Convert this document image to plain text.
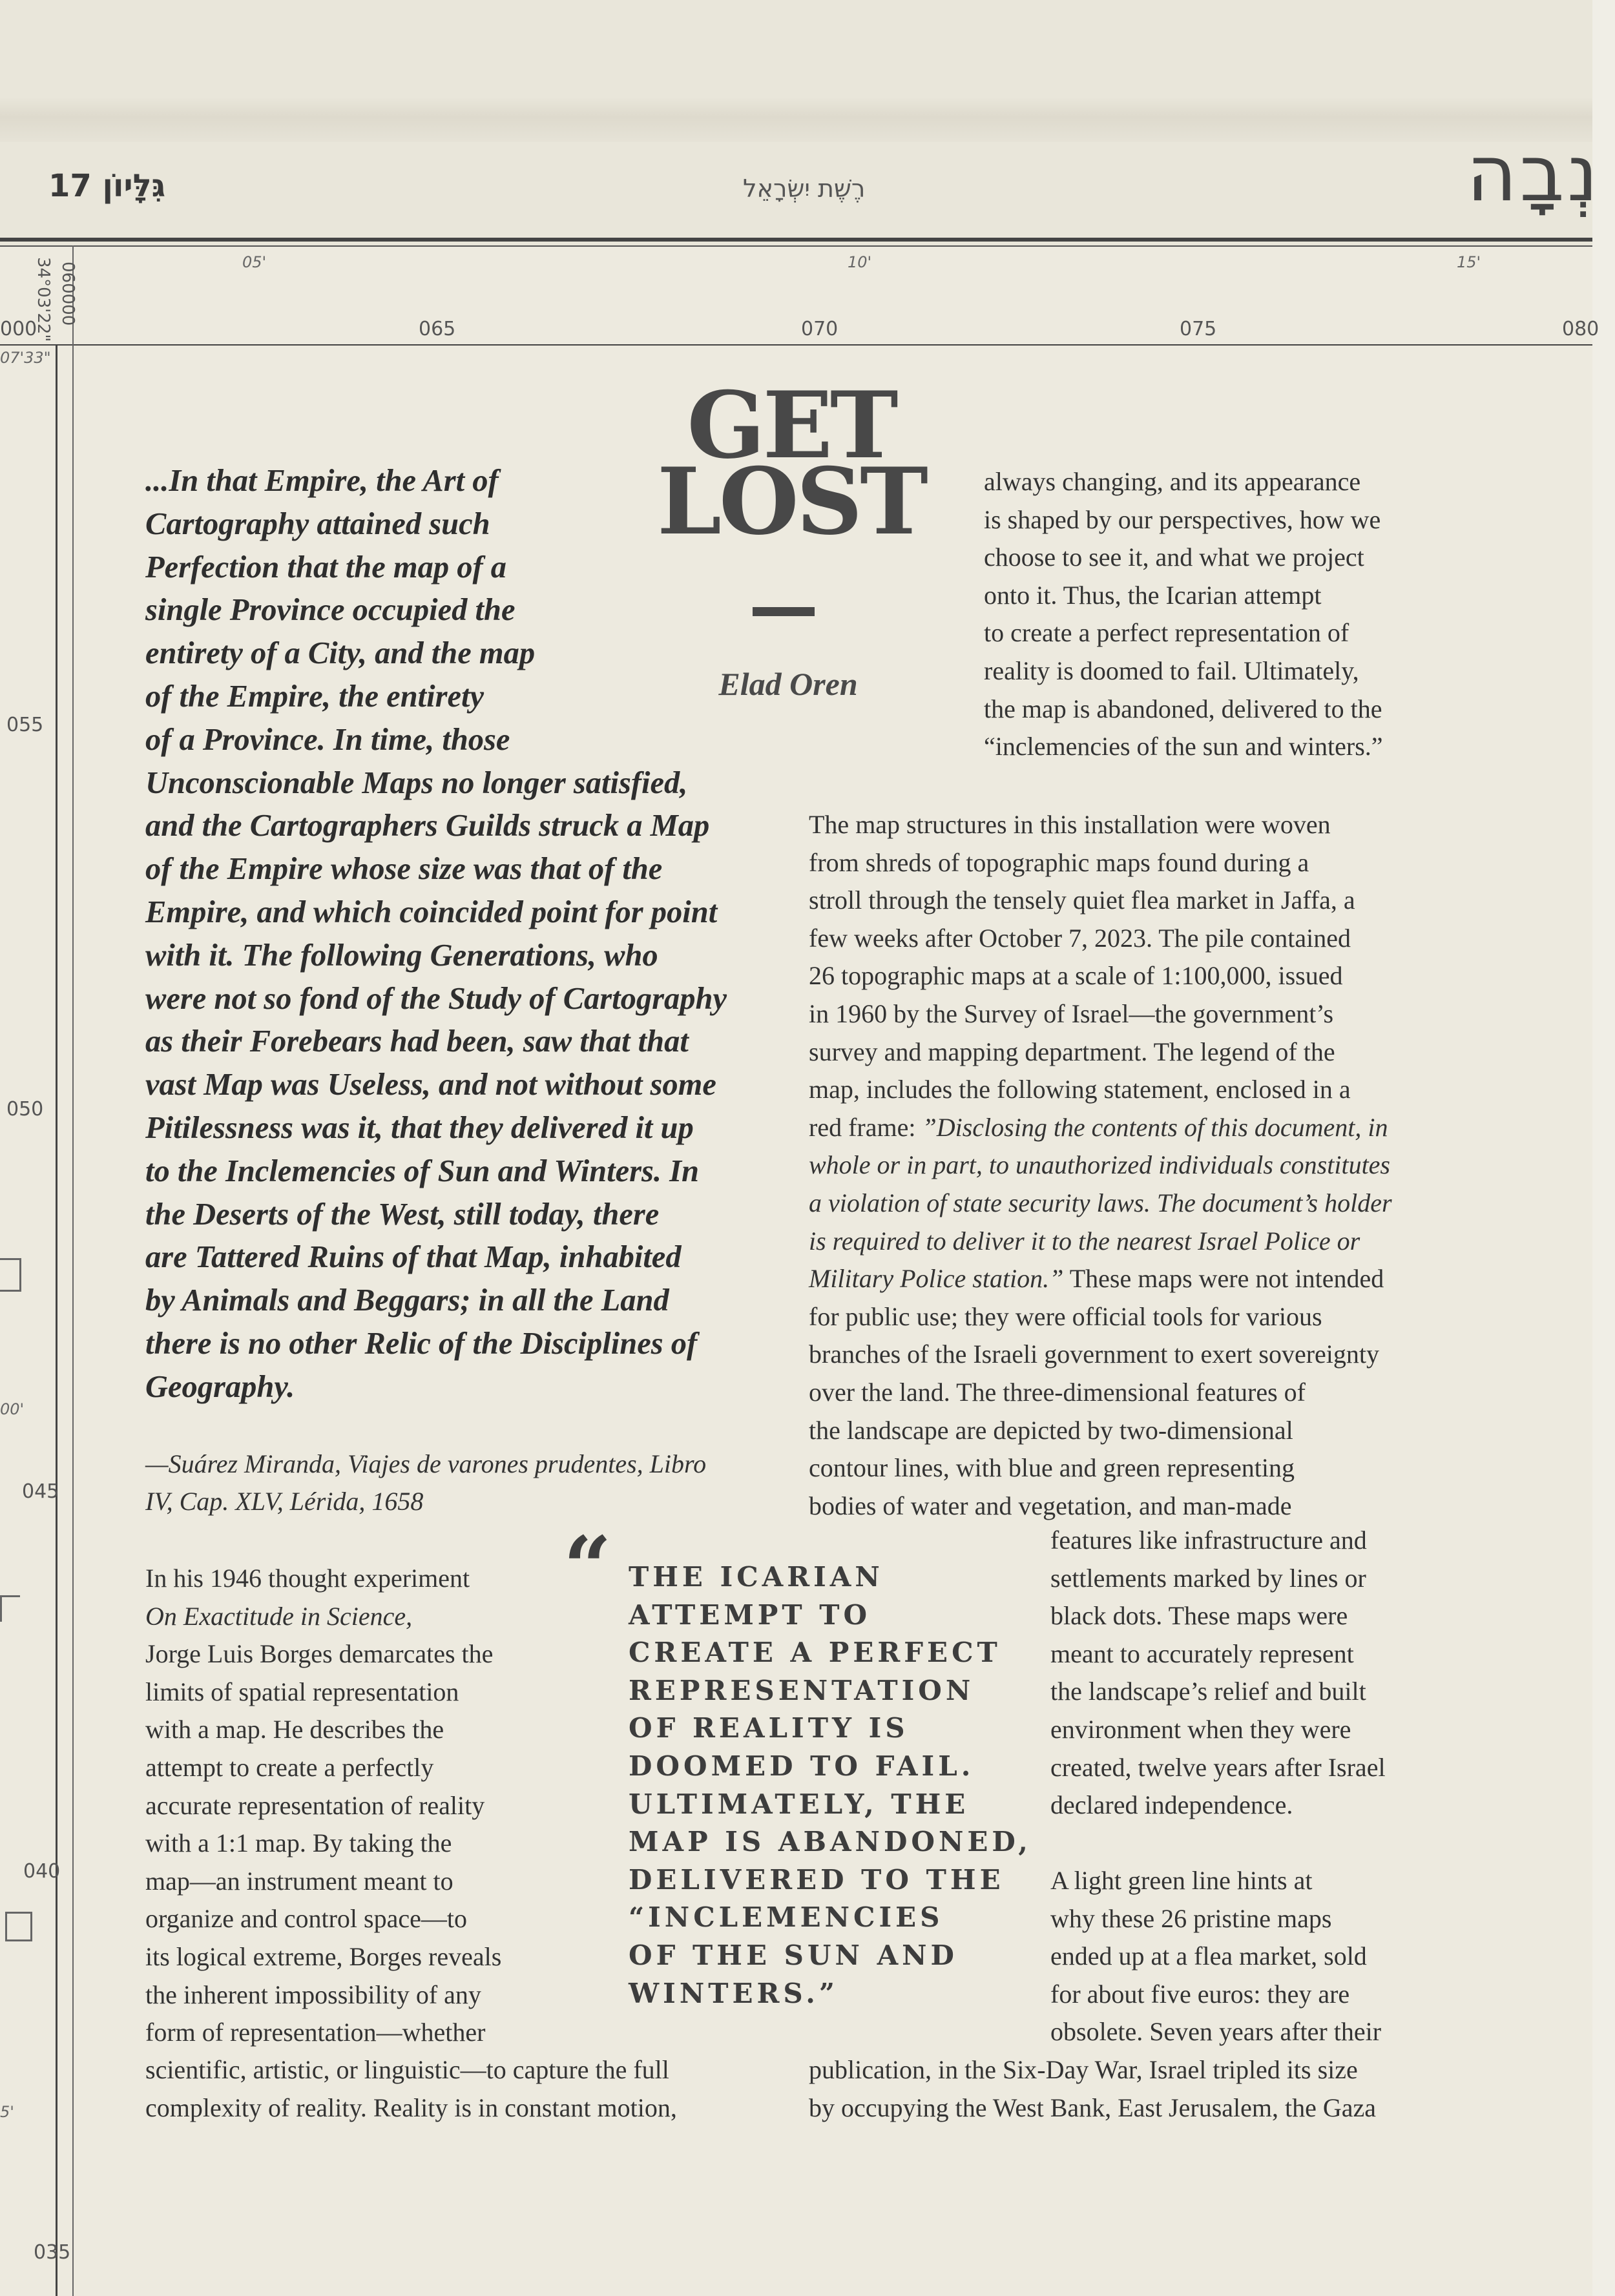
גִּלָּיוֹן 17	רֶשֶׁת יִשְׂרָאֵל	נְבָה
05'	10'	15'
000	065	070	075	080
34°03'22" 060000
07'33"
055
050
045
040
035
00'
5'
GET
LOST
Elad Oren

...In that Empire, the Art of
Cartography attained such
Perfection that the map of a
single Province occupied the
entirety of a City, and the map
of the Empire, the entirety
of a Province. In time, those
Unconscionable Maps no longer satisfied,
and the Cartographers Guilds struck a Map
of the Empire whose size was that of the
Empire, and which coincided point for point
with it. The following Generations, who
were not so fond of the Study of Cartography
as their Forebears had been, saw that that
vast Map was Useless, and not without some
Pitilessness was it, that they delivered it up
to the Inclemencies of Sun and Winters. In
the Deserts of the West, still today, there
are Tattered Ruins of that Map, inhabited
by Animals and Beggars; in all the Land
there is no other Relic of the Disciplines of
Geography.

—Suárez Miranda, Viajes de varones prudentes, Libro
IV, Cap. XLV, Lérida, 1658

always changing, and its appearance
is shaped by our perspectives, how we
choose to see it, and what we project
onto it. Thus, the Icarian attempt
to create a perfect representation of
reality is doomed to fail. Ultimately,
the map is abandoned, delivered to the
“inclemencies of the sun and winters.”

The map structures in this installation were woven
from shreds of topographic maps found during a
stroll through the tensely quiet flea market in Jaffa, a
few weeks after October 7, 2023. The pile contained
26 topographic maps at a scale of 1:100,000, issued
in 1960 by the Survey of Israel—the government’s
survey and mapping department. The legend of the
map, includes the following statement, enclosed in a
red frame: ”Disclosing the contents of this document, in
whole or in part, to unauthorized individuals constitutes
a violation of state security laws. The document’s holder
is required to deliver it to the nearest Israel Police or
Military Police station.” These maps were not intended
for public use; they were official tools for various
branches of the Israeli government to exert sovereignty
over the land. The three-dimensional features of
the landscape are depicted by two-dimensional
contour lines, with blue and green representing
bodies of water and vegetation, and man-made

features like infrastructure and
settlements marked by lines or
black dots. These maps were
meant to accurately represent
the landscape’s relief and built
environment when they were
created, twelve years after Israel
declared independence.

A light green line hints at
why these 26 pristine maps
ended up at a flea market, sold
for about five euros: they are
obsolete. Seven years after their

publication, in the Six-Day War, Israel tripled its size
by occupying the West Bank, East Jerusalem, the Gaza

In his 1946 thought experiment
On Exactitude in Science,
Jorge Luis Borges demarcates the
limits of spatial representation
with a map. He describes the
attempt to create a perfectly
accurate representation of reality
with a 1:1 map. By taking the
map—an instrument meant to
organize and control space—to
its logical extreme, Borges reveals
the inherent impossibility of any
form of representation—whether

scientific, artistic, or linguistic—to capture the full
complexity of reality. Reality is in constant motion,

“ THE ICARIAN
ATTEMPT TO
CREATE A PERFECT
REPRESENTATION
OF REALITY IS
DOOMED TO FAIL.
ULTIMATELY, THE
MAP IS ABANDONED,
DELIVERED TO THE
“INCLEMENCIES
OF THE SUN AND
WINTERS.”
